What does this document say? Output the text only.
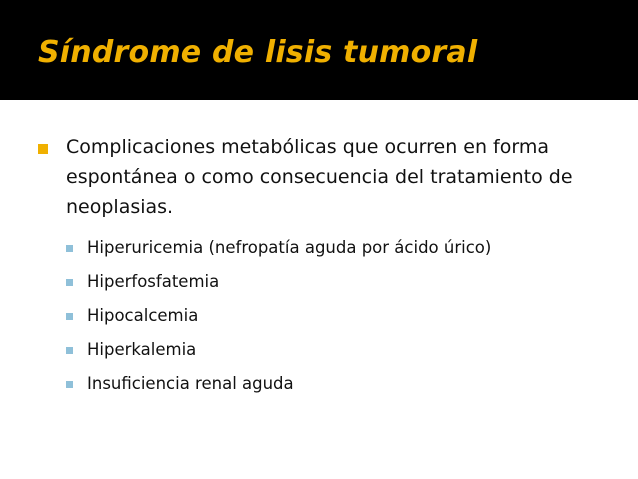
Síndrome de lisis tumoral
Complicaciones metabólicas que ocurren en forma espontánea o como consecuencia del tratamiento de neoplasias.
Hiperuricemia (nefropatía aguda por ácido úrico)
Hiperfosfatemia
Hipocalcemia
Hiperkalemia
Insuficiencia renal aguda
